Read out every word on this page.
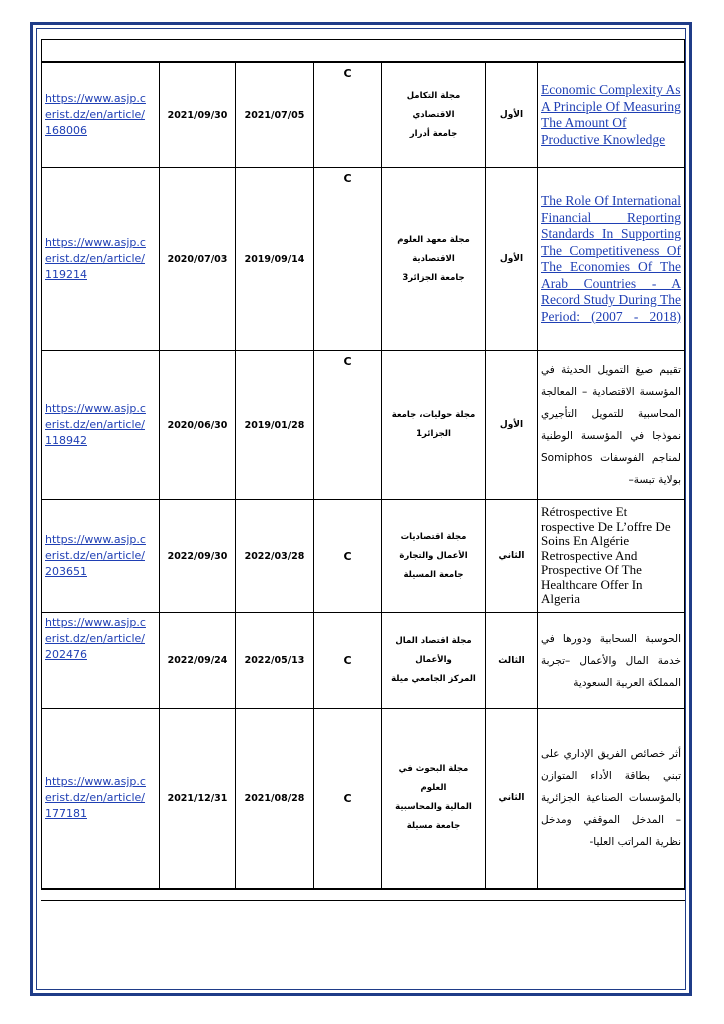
https://www.asjp.c
erist.dz/en/article/
168006	2021/09/30	2021/07/05	C	مجلة التكامل
الاقتصادي
جامعة أدرار	الأول	Economic Complexity As A Principle Of Measuring The Amount Of Productive Knowledge
https://www.asjp.c
erist.dz/en/article/
119214	2020/07/03	2019/09/14	C	مجلة معهد العلوم
الاقتصادية
جامعة الجزائر3	الأول	The Role Of International Financial Reporting Standards In Supporting The Competitiveness Of The Economies Of The Arab Countries - A Record Study During The Period: (2007 - 2018)
https://www.asjp.c
erist.dz/en/article/
118942	2020/06/30	2019/01/28	C	مجلة حوليات، جامعة
الجزائر1	الأول	تقييم صيغ التمويل الحديثة في المؤسسة الاقتصادية – المعالجة المحاسبية للتمويل التأجيري نموذجا في المؤسسة الوطنية لمناجم الفوسفات Somiphos بولاية تبسة–
https://www.asjp.c
erist.dz/en/article/
203651	2022/09/30	2022/03/28	C	مجلة اقتصاديات
الأعمال والتجارة
جامعة المسيلة	الثاني	Rétrospective Et rospective De L’offre De Soins En Algérie Retrospective And Prospective Of The Healthcare Offer In Algeria
https://www.asjp.c
erist.dz/en/article/
202476	2022/09/24	2022/05/13	C	مجلة اقتصاد المال
والأعمال
المركز الجامعي ميلة	الثالث	الحوسبة السحابية ودورها في خدمة المال والأعمال –تجربة المملكة العربية السعودية
https://www.asjp.c
erist.dz/en/article/
177181	2021/12/31	2021/08/28	C	مجلة البحوث في العلوم
المالية والمحاسبية
جامعة مسيلة	الثاني	أثر خصائص الفريق الإداري على تبني بطاقة الأداء المتوازن بالمؤسسات الصناعية الجزائرية – المدخل الموقفي ومدخل نظرية المراتب العليا-
